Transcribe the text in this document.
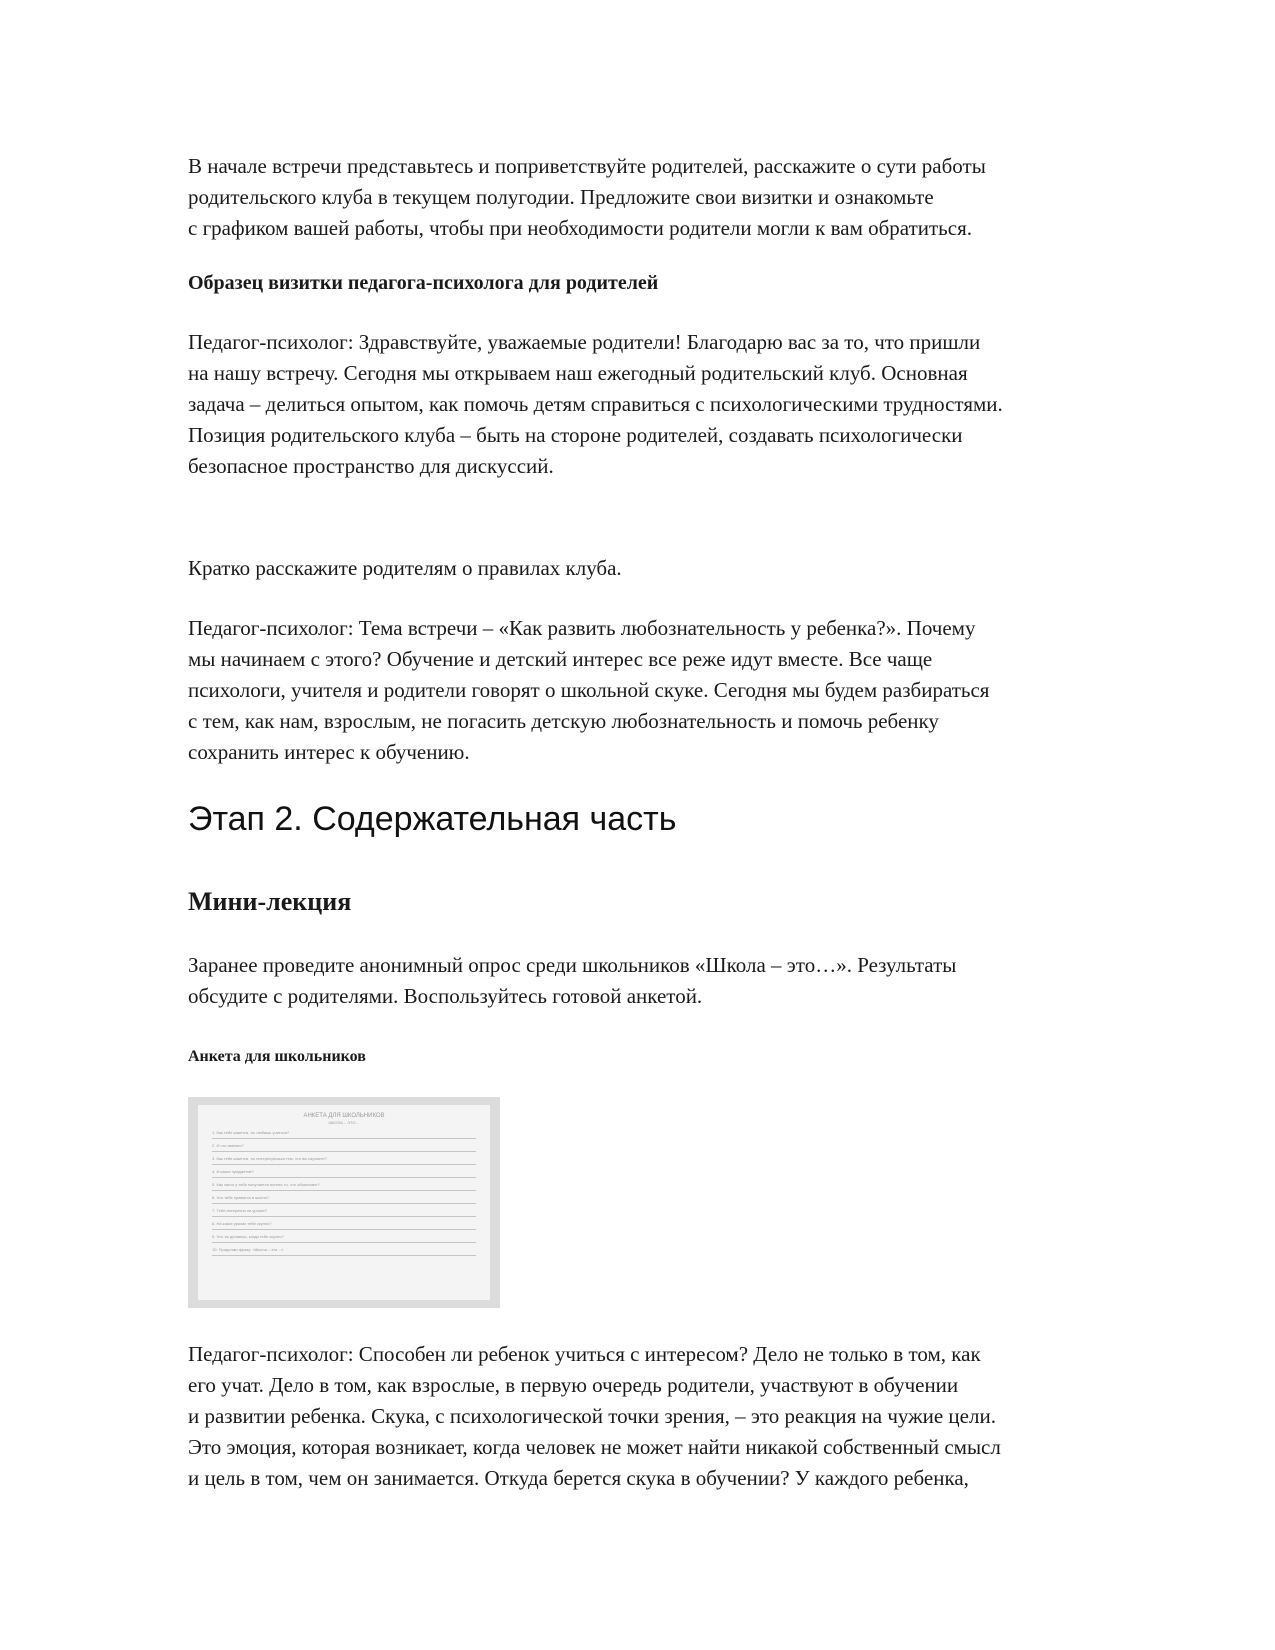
В начале встречи представьтесь и поприветствуйте родителей, расскажите о сути работы
родительского клуба в текущем полугодии. Предложите свои визитки и ознакомьте
с графиком вашей работы, чтобы при необходимости родители могли к вам обратиться.

Образец визитки педагога-психолога для родителей

Педагог-психолог: Здравствуйте, уважаемые родители! Благодарю вас за то, что пришли
на нашу встречу. Сегодня мы открываем наш ежегодный родительский клуб. Основная
задача – делиться опытом, как помочь детям справиться с психологическими трудностями.
Позиция родительского клуба – быть на стороне родителей, создавать психологически
безопасное пространство для дискуссий.
Кратко расскажите родителям о правилах клуба.
Педагог-психолог: Тема встречи – «Как развить любознательность у ребенка?». Почему
мы начинаем с этого? Обучение и детский интерес все реже идут вместе. Все чаще
психологи, учителя и родители говорят о школьной скуке. Сегодня мы будем разбираться
с тем, как нам, взрослым, не погасить детскую любознательность и помочь ребенку
сохранить интерес к обучению.
Этап 2. Содержательная часть
Мини-лекция
Заранее проведите анонимный опрос среди школьников «Школа – это…». Результаты
обсудите с родителями. Воспользуйтесь готовой анкетой.

Анкета для школьников

АНКЕТА ДЛЯ ШКОЛЬНИКОВ
ШКОЛА – ЭТО…
1. Как тебе кажется, ты любишь учиться?
2. И что именно?
3. Как тебе кажется, ты интересуешься тем, что вы изучаете?
4. И каких предметов?
5. Как часто у тебя получается понять то, что объясняют?
6. Что тебе нравится в школе?
7. Тебе интересно на уроках?
8. На каких уроках тебе скучно?
9. Что ты делаешь, когда тебе скучно?
10. Продолжи фразу: «Школа – это…»
Педагог-психолог: Способен ли ребенок учиться с интересом? Дело не только в том, как
его учат. Дело в том, как взрослые, в первую очередь родители, участвуют в обучении
и развитии ребенка. Скука, с психологической точки зрения, – это реакция на чужие цели.
Это эмоция, которая возникает, когда человек не может найти никакой собственный смысл
и цель в том, чем он занимается. Откуда берется скука в обучении? У каждого ребенка,
